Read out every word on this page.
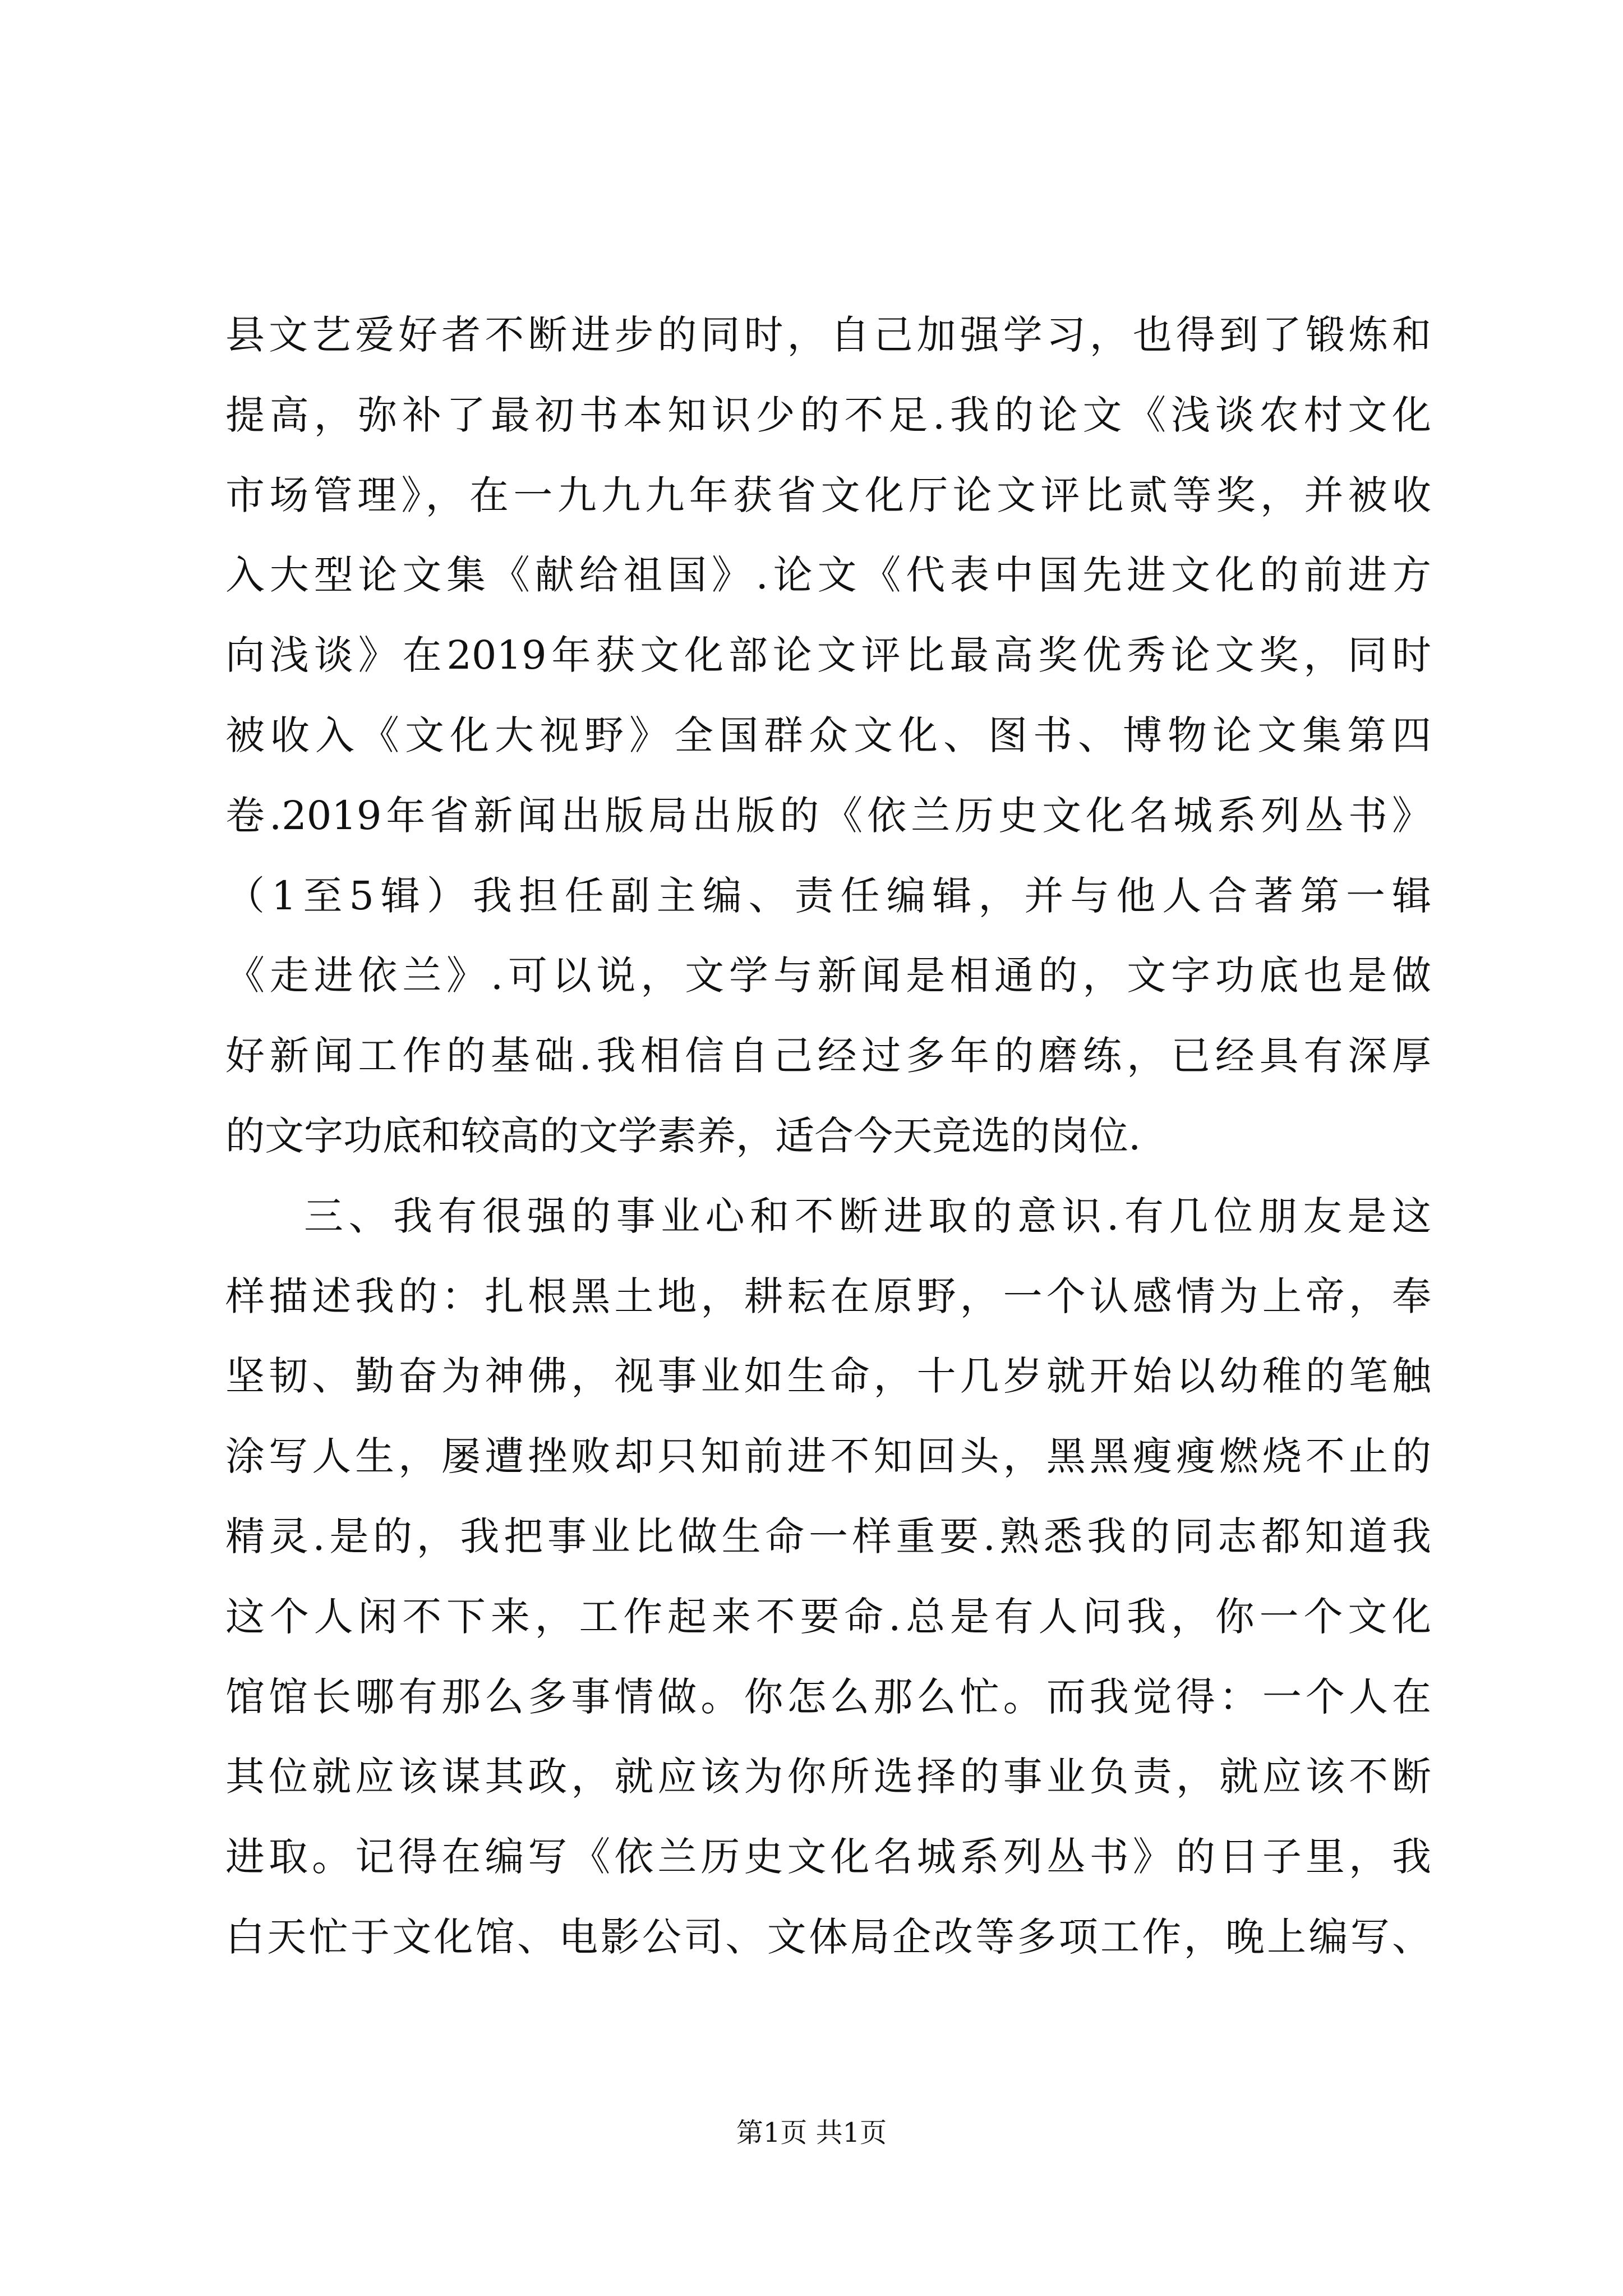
县文艺爱好者不断进步的同时，自己加强学习，也得到了锻炼和
提高，弥补了最初书本知识少的不足.我的论文《浅谈农村文化
市场管理》，在一九九九年获省文化厅论文评比贰等奖，并被收
入大型论文集《献给祖国》.论文《代表中国先进文化的前进方
向浅谈》在2019年获文化部论文评比最高奖优秀论文奖，同时
被收入《文化大视野》全国群众文化、图书、博物论文集第四
卷.2019年省新闻出版局出版的《依兰历史文化名城系列丛书》
（1至5辑）我担任副主编、责任编辑，并与他人合著第一辑
《走进依兰》.可以说，文学与新闻是相通的，文字功底也是做
好新闻工作的基础.我相信自己经过多年的磨练，已经具有深厚
的文字功底和较高的文学素养，适合今天竞选的岗位.
三、我有很强的事业心和不断进取的意识.有几位朋友是这
样描述我的：扎根黑土地，耕耘在原野，一个认感情为上帝，奉
坚韧、勤奋为神佛，视事业如生命，十几岁就开始以幼稚的笔触
涂写人生，屡遭挫败却只知前进不知回头，黑黑瘦瘦燃烧不止的
精灵.是的，我把事业比做生命一样重要.熟悉我的同志都知道我
这个人闲不下来，工作起来不要命.总是有人问我，你一个文化
馆馆长哪有那么多事情做。你怎么那么忙。而我觉得：一个人在
其位就应该谋其政，就应该为你所选择的事业负责，就应该不断
进取。记得在编写《依兰历史文化名城系列丛书》的日子里，我
白天忙于文化馆、电影公司、文体局企改等多项工作，晚上编写、
第1页 共1页
